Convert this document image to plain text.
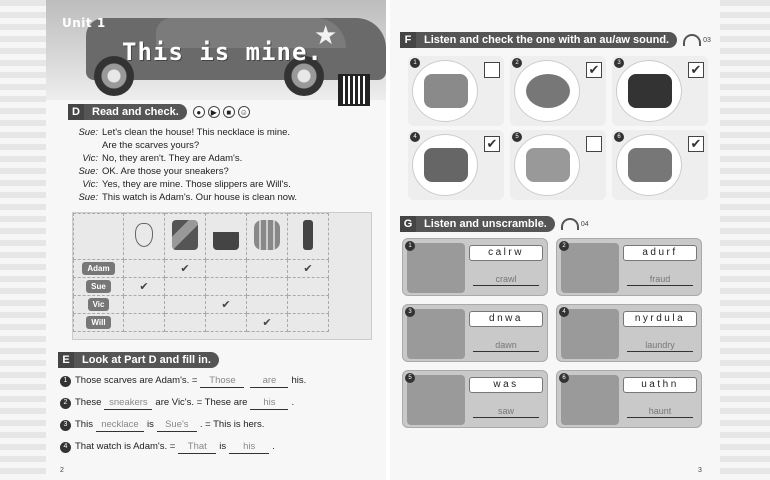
★
Unit 1
This is mine.
D	Read and check.	●	▶	■	☺
Sue: Let's clean the house! This necklace is mine.
Are the scarves yours?
Vic: No, they aren't. They are Adam's.
Sue: OK. Are those your sneakers?
Vic: Yes, they are mine. Those slippers are Will's.
Sue: This watch is Adam's. Our house is clean now.

Adam		✔			✔
Sue	✔				
Vic			✔		
Will				✔	
E	Look at Part D and fill in.
1 Those scarves are Adam's. =	Those	are	his.
2 These sneakers are Vic's. = These are	his	.
3 This necklace is	Sue's	. = This is hers.
4 That watch is Adam's. =	That	is	his	.
2
F	Listen and check the one with an au/aw sound.	03
1	2	✔	3	✔
4	✔	5	6	✔
G	Listen and unscramble.	04
1
calrw
crawl
2
adurf
fraud
3
dnwa
dawn
4
nyrdula
laundry
5
was
saw
6
uathn
haunt
3
